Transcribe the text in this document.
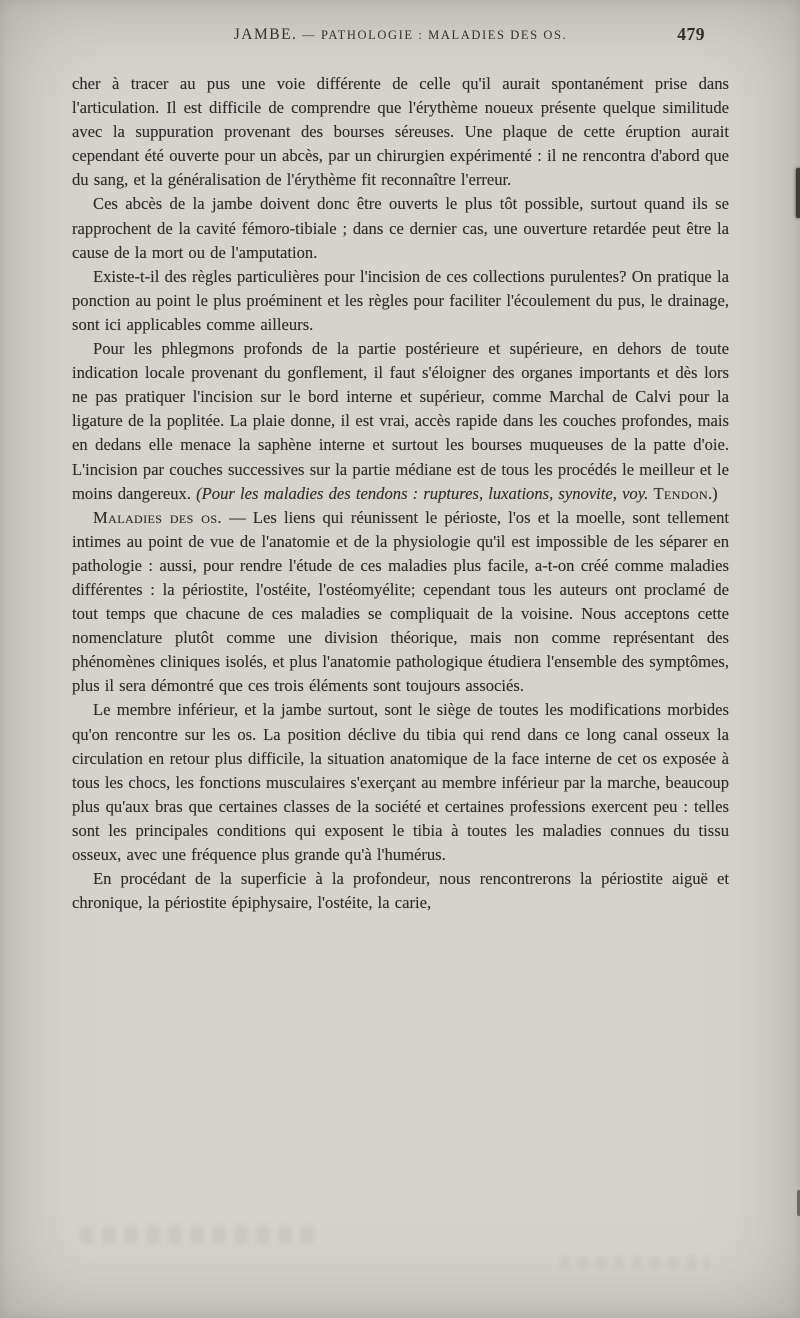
JAMBE. — PATHOLOGIE : MALADIES DES OS.	479

cher à tracer au pus une voie différente de celle qu'il aurait spontanément prise dans l'articulation. Il est difficile de comprendre que l'érythème noueux présente quelque similitude avec la suppuration provenant des bourses séreuses. Une plaque de cette éruption aurait cependant été ouverte pour un abcès, par un chirurgien expérimenté : il ne rencontra d'abord que du sang, et la généralisation de l'érythème fit reconnaître l'erreur.

Ces abcès de la jambe doivent donc être ouverts le plus tôt possible, surtout quand ils se rapprochent de la cavité fémoro-tibiale ; dans ce dernier cas, une ouverture retardée peut être la cause de la mort ou de l'amputation.

Existe-t-il des règles particulières pour l'incision de ces collections purulentes? On pratique la ponction au point le plus proéminent et les règles pour faciliter l'écoulement du pus, le drainage, sont ici applicables comme ailleurs.

Pour les phlegmons profonds de la partie postérieure et supérieure, en dehors de toute indication locale provenant du gonflement, il faut s'éloigner des organes importants et dès lors ne pas pratiquer l'incision sur le bord interne et supérieur, comme Marchal de Calvi pour la ligature de la poplitée. La plaie donne, il est vrai, accès rapide dans les couches profondes, mais en dedans elle menace la saphène interne et surtout les bourses muqueuses de la patte d'oie. L'incision par couches successives sur la partie médiane est de tous les procédés le meilleur et le moins dangereux. (Pour les maladies des tendons : ruptures, luxations, synovite, voy. Tendon.)

Maladies des os. — Les liens qui réunissent le périoste, l'os et la moelle, sont tellement intimes au point de vue de l'anatomie et de la physiologie qu'il est impossible de les séparer en pathologie : aussi, pour rendre l'étude de ces maladies plus facile, a-t-on créé comme maladies différentes : la périostite, l'ostéite, l'ostéomyélite; cependant tous les auteurs ont proclamé de tout temps que chacune de ces maladies se compliquait de la voisine. Nous acceptons cette nomenclature plutôt comme une division théorique, mais non comme représentant des phénomènes cliniques isolés, et plus l'anatomie pathologique étudiera l'ensemble des symptômes, plus il sera démontré que ces trois éléments sont toujours associés.

Le membre inférieur, et la jambe surtout, sont le siège de toutes les modifications morbides qu'on rencontre sur les os. La position déclive du tibia qui rend dans ce long canal osseux la circulation en retour plus difficile, la situation anatomique de la face interne de cet os exposée à tous les chocs, les fonctions musculaires s'exerçant au membre inférieur par la marche, beaucoup plus qu'aux bras que certaines classes de la société et certaines professions exercent peu : telles sont les principales conditions qui exposent le tibia à toutes les maladies connues du tissu osseux, avec une fréquence plus grande qu'à l'humérus.

En procédant de la superficie à la profondeur, nous rencontrerons la périostite aiguë et chronique, la périostite épiphysaire, l'ostéite, la carie,
